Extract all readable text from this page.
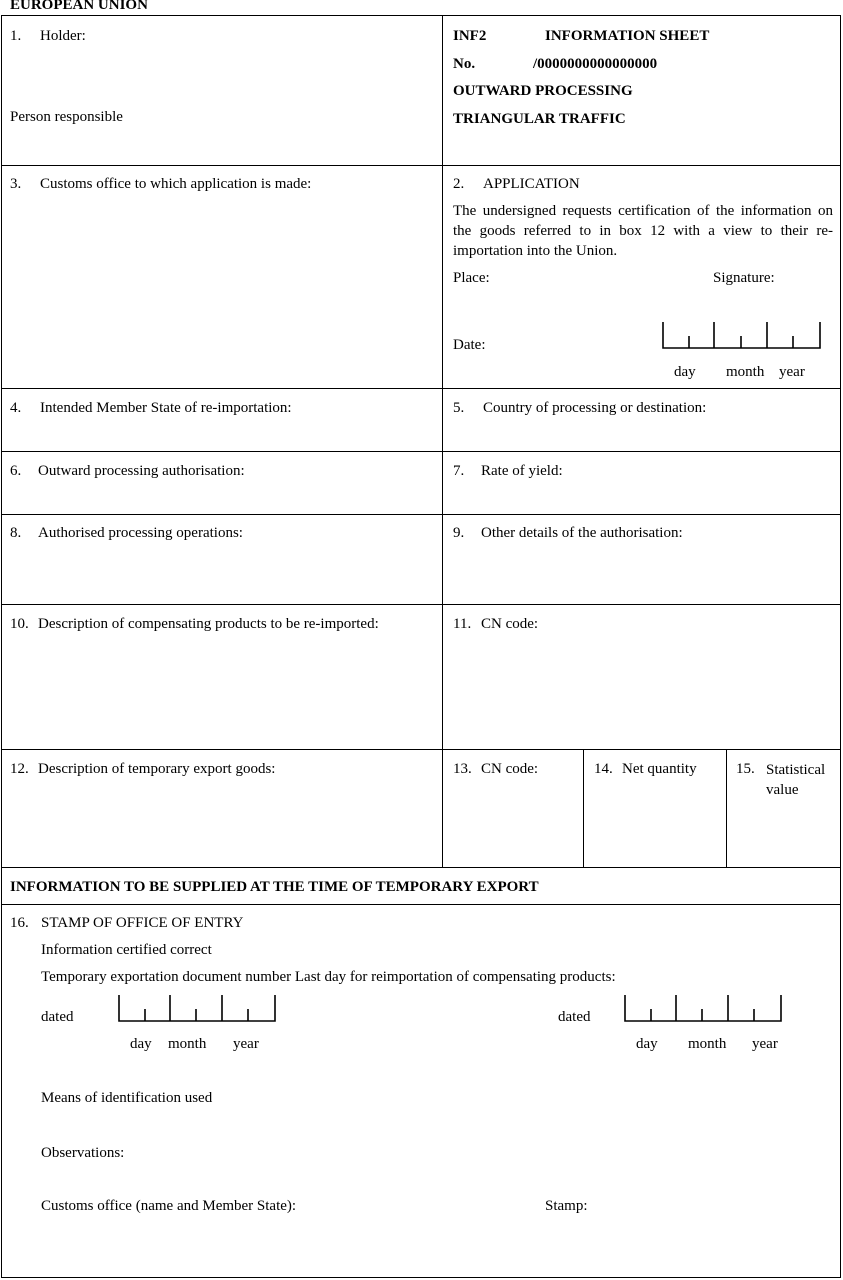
EUROPEAN UNION
1. Holder:
Person responsible
INF2	INFORMATION SHEET
No.	/0000000000000000
OUTWARD PROCESSING
TRIANGULAR TRAFFIC
3. Customs office to which application is made:	2. APPLICATION
The undersigned requests certification of the information on the goods referred to in box 12 with a view to their re-importation into the Union.
Place:	Signature:
Date:
day month year
4. Intended Member State of re-importation:	5. Country of processing or destination:
6. Outward processing authorisation:	7. Rate of yield:
8. Authorised processing operations:	9. Other details of the authorisation:
10. Description of compensating products to be re-imported:	11. CN code:
12. Description of temporary export goods:	13. CN code:	14. Net quantity	15. Statistical value
INFORMATION TO BE SUPPLIED AT THE TIME OF TEMPORARY EXPORT
16. STAMP OF OFFICE OF ENTRY
Information certified correct
Temporary exportation document number Last day for reimportation of compensating products:
dated
day month year
dated
day month year
Means of identification used
Observations:
Customs office (name and Member State):	Stamp:
